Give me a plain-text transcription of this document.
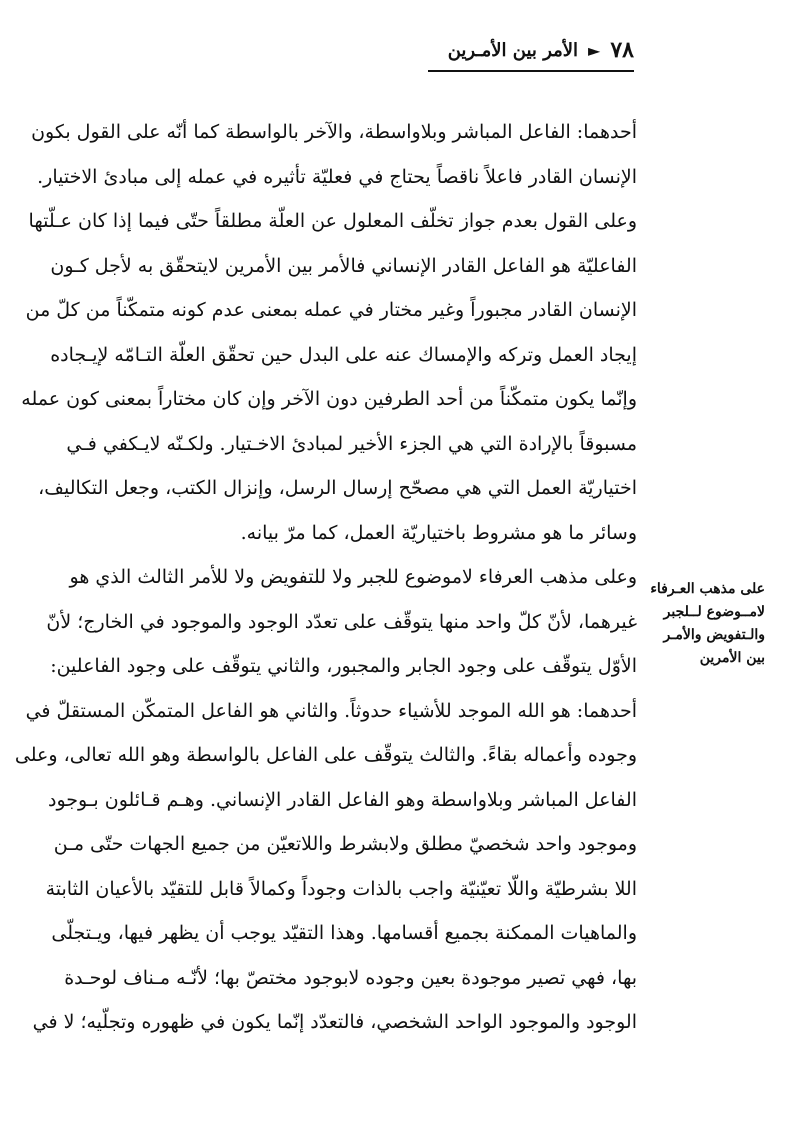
٧٨
►
الأمر بين الأمـرين
أحدهما: الفاعل المباشر وبلاواسطة، والآخر بالواسطة كما أنّه على القول بكون
الإنسان القادر فاعلاً ناقصاً يحتاج في فعليّة تأثيره في عمله إلى مبادئ الاختيار.
وعلى القول بعدم جواز تخلّف المعلول عن العلّة مطلقاً حتّى فيما إذا كان عـلّتها
الفاعليّة هو الفاعل القادر الإنساني فالأمر بين الأمرين لايتحقّق به لأجل كـون
الإنسان القادر مجبوراً وغير مختار في عمله بمعنى عدم كونه متمكّناً من كلّ من
إيجاد العمل وتركه والإمساك عنه على البدل حين تحقّق العلّة التـامّه لإيـجاده
وإنّما يكون متمكّناً من أحد الطرفين دون الآخر وإن كان مختاراً بمعنى كون عمله
مسبوقاً بالإرادة التي هي الجزء الأخير لمبادئ الاخـتيار. ولكـنّه لايـكفي فـي
اختياريّة العمل التي هي مصحّح إرسال الرسل، وإنزال الكتب، وجعل التكاليف،
وسائر ما هو مشروط باختياريّة العمل، كما مرّ بيانه.
وعلى مذهب العرفاء لاموضوع للجبر ولا للتفويض ولا للأمر الثالث الذي هو
غيرهما، لأنّ كلّ واحد منها يتوقّف على تعدّد الوجود والموجود في الخارج؛ لأنّ
الأوّل يتوقّف على وجود الجابر والمجبور، والثاني يتوقّف على وجود الفاعلين:
أحدهما: هو الله الموجد للأشياء حدوثاً. والثاني هو الفاعل المتمكّن المستقلّ في
وجوده وأعماله بقاءً. والثالث يتوقّف على الفاعل بالواسطة وهو الله تعالى، وعلى
الفاعل المباشر وبلاواسطة وهو الفاعل القادر الإنساني. وهـم قـائلون بـوجود
وموجود واحد شخصيّ مطلق ولابشرط واللاتعيّن من جميع الجهات حتّى مـن
اللا بشرطيّة واللّا تعيّنيّة واجب بالذات وجوداً وكمالاً قابل للتقيّد بالأعيان الثابتة
والماهيات الممكنة بجميع أقسامها. وهذا التقيّد يوجب أن يظهر فيها، ويـتجلّى
بها، فهي تصير موجودة بعين وجوده لابوجود مختصّ بها؛ لأنّـه مـناف لوحـدة
الوجود والموجود الواحد الشخصي، فالتعدّد إنّما يكون في ظهوره وتجلّيه؛ لا في
على مذهب العـرفاء
لامــوضوع لــلجبر
والـتفويض والأمـر
بين الأمرين
